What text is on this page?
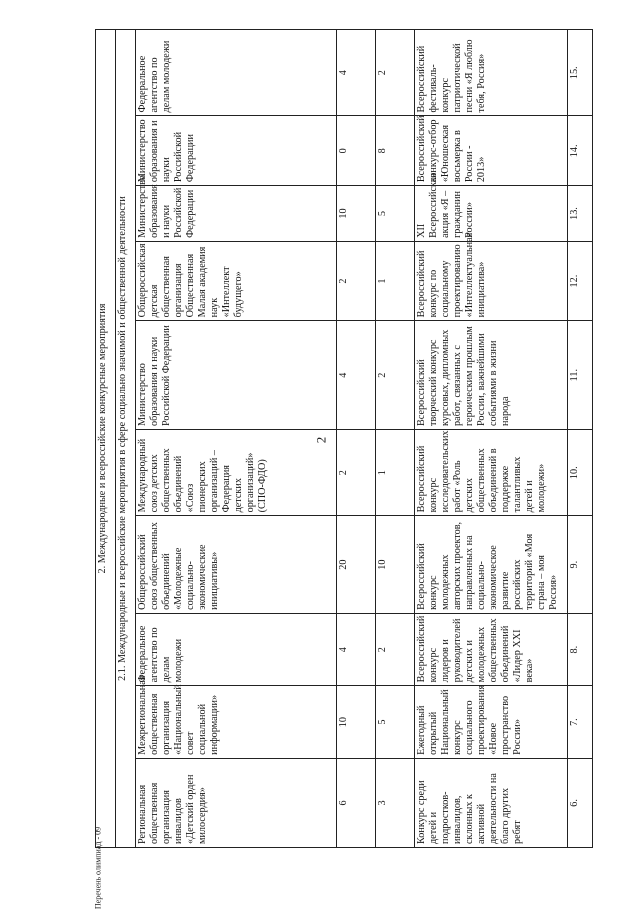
2
Перечень олимпиад - 09
2. Международные и всероссийские конкурсные мероприятия									
2.1. Международные и всероссийские мероприятия в сфере социально значимой и общественной деятельности									
Региональная общественная организация инвалидов «Детский орден милосердия»	Межрегиональная общественная организация «Национальный совет социальной информации»	Федеральное агентство по делам молодежи	Общероссийский союз общественных объединений «Молодежные социально-экономические инициативы»	Международный союз детских общественных объединений «Союз пионерских организаций – Федерация детских организаций» (СПО-ФДО)	Министерство образования и науки Российской Федерации	Общероссийская детская общественная организация Общественная Малая академия наук «Интеллект будущего»	Министерство образования и науки Российской Федерации	Министерство образования и науки Российской Федерации	Федеральное агентство по делам молодежи
6	10	4	20	2	4	2	10	0	4
3	5	2	10	1	2	1	5	8	2
Конкурс среди детей и подростков-инвалидов, склонных к активной деятельности на благо других ребят	Ежегодный открытый Национальный конкурс социального проектирования «Новое пространство России»	Всероссийский конкурс лидеров и руководителей детских и молодежных общественных объединений «Лидер XXI века»	Всероссийский конкурс молодежных авторских проектов, направленных на социально-экономическое развитие российских территорий «Моя страна – моя Россия»	Всероссийский конкурс исследовательских работ «Роль детских общественных объединений в поддержке талантливых детей и молодежи»	Всероссийский творческий конкурс курсовых, дипломных работ, связанных с героическим прошлым России, важнейшими событиями в жизни народа	Всероссийский конкурс по социальному проектированию «Интеллектуальная инициатива»	XII Всероссийская акция «Я – гражданин России»	Всероссийский конкурс-отбор «Юношеская восьмерка в России - 2013»	Всероссийский фестиваль-конкурс патриотической песни «Я люблю тебя, Россия»
6.	7.	8.	9.	10.	11.	12.	13.	14.	15.
